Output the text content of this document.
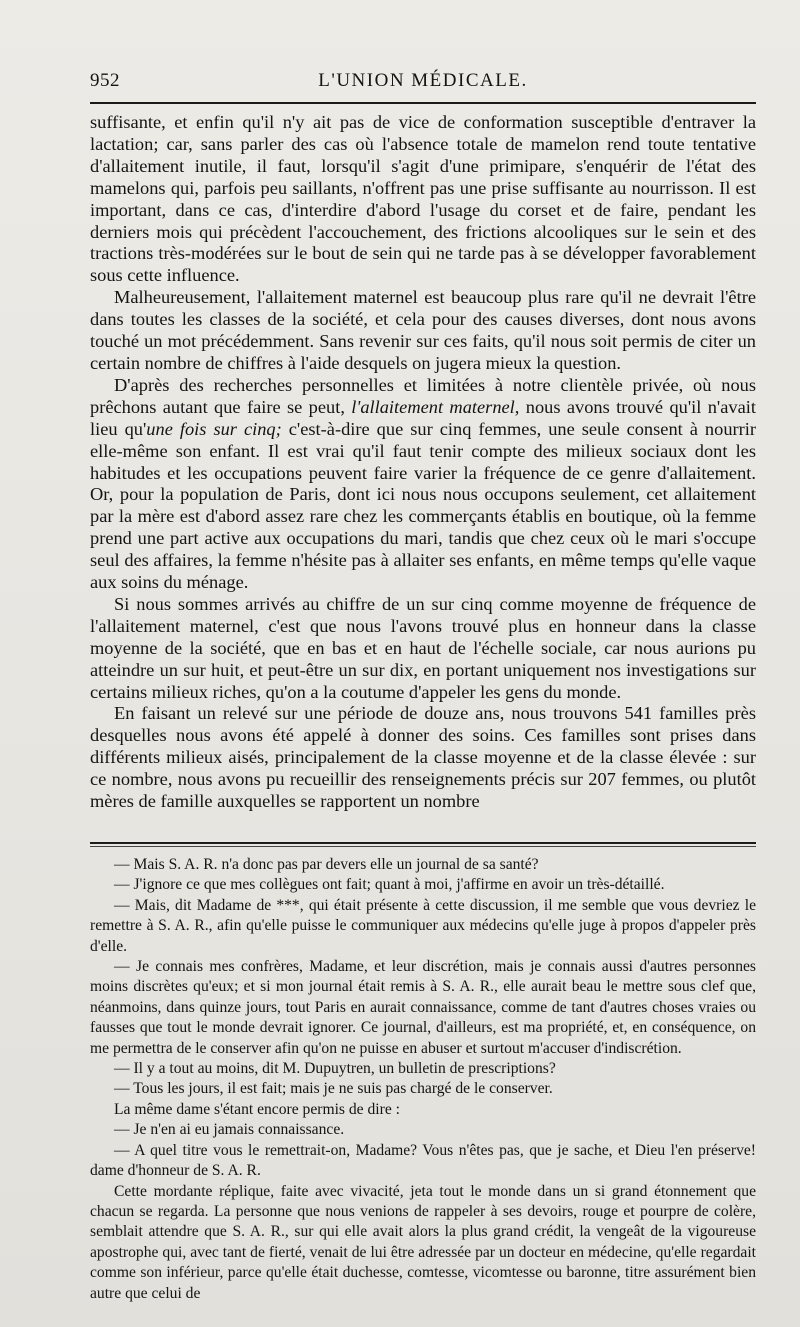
952	L'UNION MÉDICALE.

suffisante, et enfin qu'il n'y ait pas de vice de conformation susceptible d'entraver la lactation; car, sans parler des cas où l'absence totale de mamelon rend toute tentative d'allaitement inutile, il faut, lorsqu'il s'agit d'une primipare, s'enquérir de l'état des mamelons qui, parfois peu saillants, n'offrent pas une prise suffisante au nourrisson. Il est important, dans ce cas, d'interdire d'abord l'usage du corset et de faire, pendant les derniers mois qui précèdent l'accouchement, des frictions alcooliques sur le sein et des tractions très-modérées sur le bout de sein qui ne tarde pas à se développer favorablement sous cette influence.

Malheureusement, l'allaitement maternel est beaucoup plus rare qu'il ne devrait l'être dans toutes les classes de la société, et cela pour des causes diverses, dont nous avons touché un mot précédemment. Sans revenir sur ces faits, qu'il nous soit permis de citer un certain nombre de chiffres à l'aide desquels on jugera mieux la question.

D'après des recherches personnelles et limitées à notre clientèle privée, où nous prêchons autant que faire se peut, l'allaitement maternel, nous avons trouvé qu'il n'avait lieu qu'une fois sur cinq; c'est-à-dire que sur cinq femmes, une seule consent à nourrir elle-même son enfant. Il est vrai qu'il faut tenir compte des milieux sociaux dont les habitudes et les occupations peuvent faire varier la fréquence de ce genre d'allaitement. Or, pour la population de Paris, dont ici nous nous occupons seulement, cet allaitement par la mère est d'abord assez rare chez les commerçants établis en boutique, où la femme prend une part active aux occupations du mari, tandis que chez ceux où le mari s'occupe seul des affaires, la femme n'hésite pas à allaiter ses enfants, en même temps qu'elle vaque aux soins du ménage.

Si nous sommes arrivés au chiffre de un sur cinq comme moyenne de fréquence de l'allaitement maternel, c'est que nous l'avons trouvé plus en honneur dans la classe moyenne de la société, que en bas et en haut de l'échelle sociale, car nous aurions pu atteindre un sur huit, et peut-être un sur dix, en portant uniquement nos investigations sur certains milieux riches, qu'on a la coutume d'appeler les gens du monde.

En faisant un relevé sur une période de douze ans, nous trouvons 541 familles près desquelles nous avons été appelé à donner des soins. Ces familles sont prises dans différents milieux aisés, principalement de la classe moyenne et de la classe élevée : sur ce nombre, nous avons pu recueillir des renseignements précis sur 207 femmes, ou plutôt mères de famille auxquelles se rapportent un nombre

— Mais S. A. R. n'a donc pas par devers elle un journal de sa santé?

— J'ignore ce que mes collègues ont fait; quant à moi, j'affirme en avoir un très-détaillé.

— Mais, dit Madame de ***, qui était présente à cette discussion, il me semble que vous devriez le remettre à S. A. R., afin qu'elle puisse le communiquer aux médecins qu'elle juge à propos d'appeler près d'elle.

— Je connais mes confrères, Madame, et leur discrétion, mais je connais aussi d'autres personnes moins discrètes qu'eux; et si mon journal était remis à S. A. R., elle aurait beau le mettre sous clef que, néanmoins, dans quinze jours, tout Paris en aurait connaissance, comme de tant d'autres choses vraies ou fausses que tout le monde devrait ignorer. Ce journal, d'ailleurs, est ma propriété, et, en conséquence, on me permettra de le conserver afin qu'on ne puisse en abuser et surtout m'accuser d'indiscrétion.

— Il y a tout au moins, dit M. Dupuytren, un bulletin de prescriptions?

— Tous les jours, il est fait; mais je ne suis pas chargé de le conserver.

La même dame s'étant encore permis de dire :

— Je n'en ai eu jamais connaissance.

— A quel titre vous le remettrait-on, Madame? Vous n'êtes pas, que je sache, et Dieu l'en préserve! dame d'honneur de S. A. R.

Cette mordante réplique, faite avec vivacité, jeta tout le monde dans un si grand étonnement que chacun se regarda. La personne que nous venions de rappeler à ses devoirs, rouge et pourpre de colère, semblait attendre que S. A. R., sur qui elle avait alors la plus grand crédit, la vengeât de la vigoureuse apostrophe qui, avec tant de fierté, venait de lui être adressée par un docteur en médecine, qu'elle regardait comme son inférieur, parce qu'elle était duchesse, comtesse, vicomtesse ou baronne, titre assurément bien autre que celui de
